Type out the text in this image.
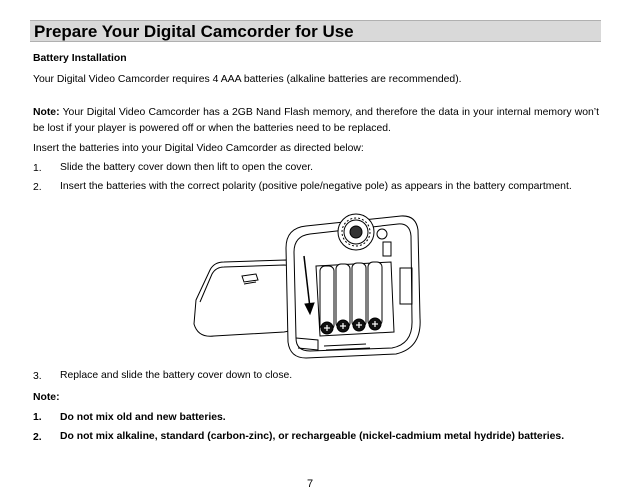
Prepare Your Digital Camcorder for Use
Battery Installation
Your Digital Video Camcorder requires 4 AAA batteries (alkaline batteries are recommended).
Note: Your Digital Video Camcorder has a 2GB Nand Flash memory, and therefore the data in your internal memory won’t be lost if your player is powered off or when the batteries need to be replaced.
Insert the batteries into your Digital Video Camcorder as directed below:
1. Slide the battery cover down then lift to open the cover.
2. Insert the batteries with the correct polarity (positive pole/negative pole) as appears in the battery compartment.
3. Replace and slide the battery cover down to close.
Note:
1. Do not mix old and new batteries.
2. Do not mix alkaline, standard (carbon-zinc), or rechargeable (nickel-cadmium metal hydride) batteries.
7
